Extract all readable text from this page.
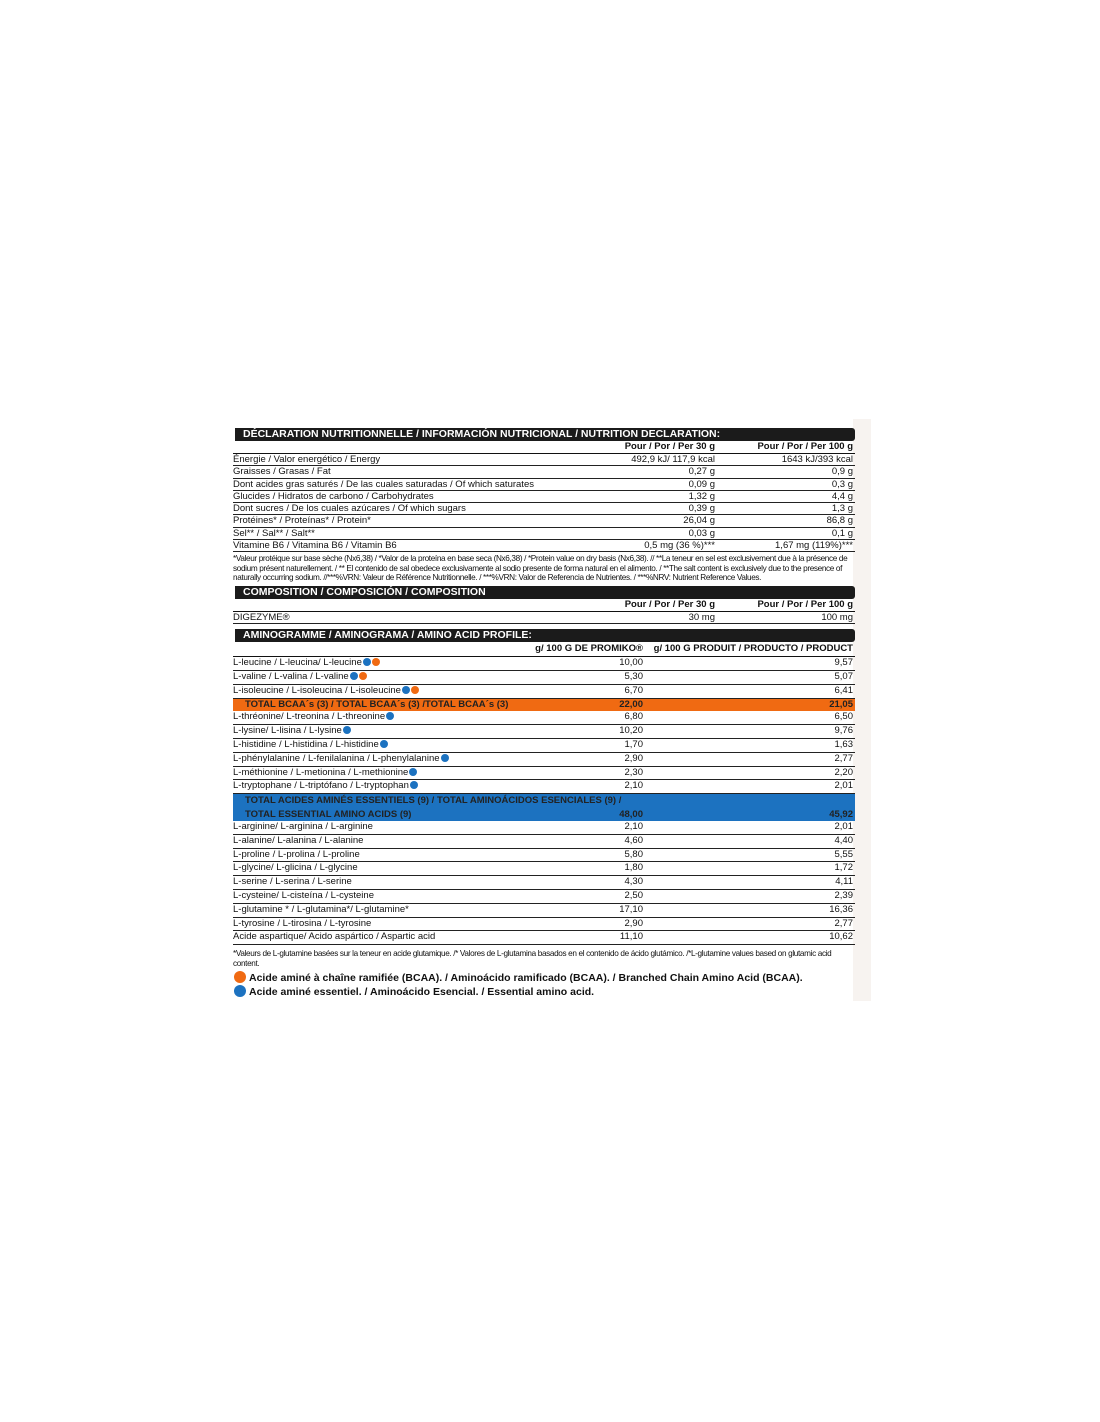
DÉCLARATION NUTRITIONNELLE / INFORMACIÓN NUTRICIONAL / NUTRITION DECLARATION:
Pour / Por / Per 30 g	Pour / Por / Per 100 g
Énergie / Valor energético / Energy	492,9 kJ/ 117,9 kcal	1643 kJ/393 kcal
Graisses / Grasas / Fat	0,27 g	0,9 g
Dont acides gras saturés / De las cuales saturadas / Of which saturates	0,09 g	0,3 g
Glucides / Hidratos de carbono / Carbohydrates	1,32 g	4,4 g
Dont sucres / De los cuales azúcares / Of which sugars	0,39 g	1,3 g
Protéines* / Proteínas* / Protein*	26,04 g	86,8 g
Sel** / Sal** / Salt**	0,03 g	0,1 g
Vitamine B6 / Vitamina B6 / Vitamin B6	0,5 mg (36 %)***	1,67 mg (119%)***
*Valeur protéique sur base sèche (Nx6,38) / *Valor de la proteína en base seca (Nx6,38) / *Protein value on dry basis (Nx6,38). // **La teneur en sel est exclusivement due à la présence de sodium présent naturellement. / ** El contenido de sal obedece exclusivamente al sodio presente de forma natural en el alimento. / **The salt content is exclusively due to the presence of naturally occurring sodium. //***%VRN: Valeur de Référence Nutritionnelle. / ***%VRN: Valor de Referencia de Nutrientes. / ***%NRV: Nutrient Reference Values.
COMPOSITION / COMPOSICIÓN / COMPOSITION
Pour / Por / Per 30 g	Pour / Por / Per 100 g
DIGEZYME®	30 mg	100 mg
AMINOGRAMME / AMINOGRAMA / AMINO ACID PROFILE:
g/ 100 G DE PROMIKO®	g/ 100 G PRODUIT / PRODUCTO / PRODUCT
L-leucine / L-leucina/ L-leucine	10,00	9,57
L-valine / L-valina / L-valine	5,30	5,07
L-isoleucine / L-isoleucina / L-isoleucine	6,70	6,41
TOTAL BCAA´s (3) / TOTAL BCAA´s (3) /TOTAL BCAA´s (3)	22,00	21,05
L-thréonine/ L-treonina / L-threonine	6,80	6,50
L-lysine/ L-lisina / L-lysine	10,20	9,76
L-histidine / L-histidina / L-histidine	1,70	1,63
L-phénylalanine / L-fenilalanina / L-phenylalanine	2,90	2,77
L-méthionine / L-metionina / L-methionine	2,30	2,20
L-tryptophane / L-triptófano / L-tryptophan	2,10	2,01
TOTAL ACIDES AMINÉS ESSENTIELS (9) / TOTAL AMINOÁCIDOS ESENCIALES (9) /
TOTAL ESSENTIAL AMINO ACIDS (9)	48,00	45,92
L-arginine/ L-arginina / L-arginine	2,10	2,01
L-alanine/ L-alanina / L-alanine	4,60	4,40
L-proline / L-prolina / L-proline	5,80	5,55
L-glycine/ L-glicina / L-glycine	1,80	1,72
L-serine / L-serina / L-serine	4,30	4,11
L-cysteine/ L-cisteína / L-cysteine	2,50	2,39
L-glutamine * / L-glutamina*/ L-glutamine*	17,10	16,36
L-tyrosine / L-tirosina / L-tyrosine	2,90	2,77
Acide aspartique/ Acido aspártico / Aspartic acid	11,10	10,62
*Valeurs de L-glutamine basées sur la teneur en acide glutamique. /* Valores de L-glutamina basados en el contenido de ácido glutámico. /*L-glutamine values based on glutamic acid content.
Acide aminé à chaîne ramifiée (BCAA). / Aminoácido ramificado (BCAA). / Branched Chain Amino Acid (BCAA).
Acide aminé essentiel. / Aminoácido Esencial. / Essential amino acid.
